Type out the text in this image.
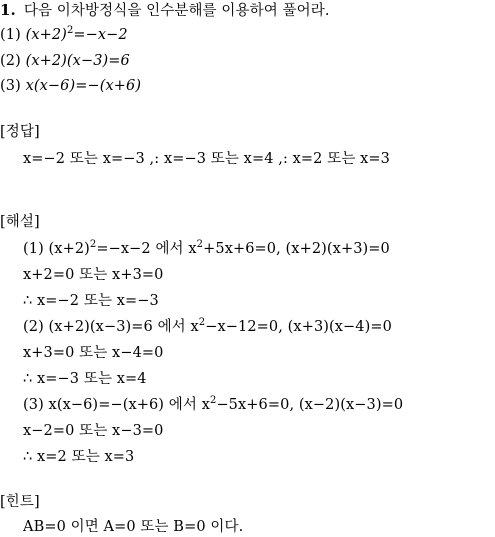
1. 다음 이차방정식을 인수분해를 이용하여 풀어라.
(1) $(x+2)^2=-x-2$
(2) (x+2)(x−3)=6
(3) x(x−6)=−(x+6)
[정답]
x=−2 또는 x=−3 ,: x=−3 또는 x=4 ,: x=2 또는 x=3
[해설]
(1) $(x+2)^2=-x-2$ 에서 $x^2+5x+6=0$, (x+2)(x+3)=0
x+2=0 또는 x+3=0
∴ x=−2 또는 x=−3
(2) (x+2)(x−3)=6 에서 $x^2-x-12=0$, (x+3)(x−4)=0
x+3=0 또는 x−4=0
∴ x=−3 또는 x=4
(3) x(x−6)=−(x+6) 에서 $x^2-5x+6=0$, (x−2)(x−3)=0
x−2=0 또는 x−3=0
∴ x=2 또는 x=3
[힌트]
AB=0 이면 A=0 또는 B=0 이다.
